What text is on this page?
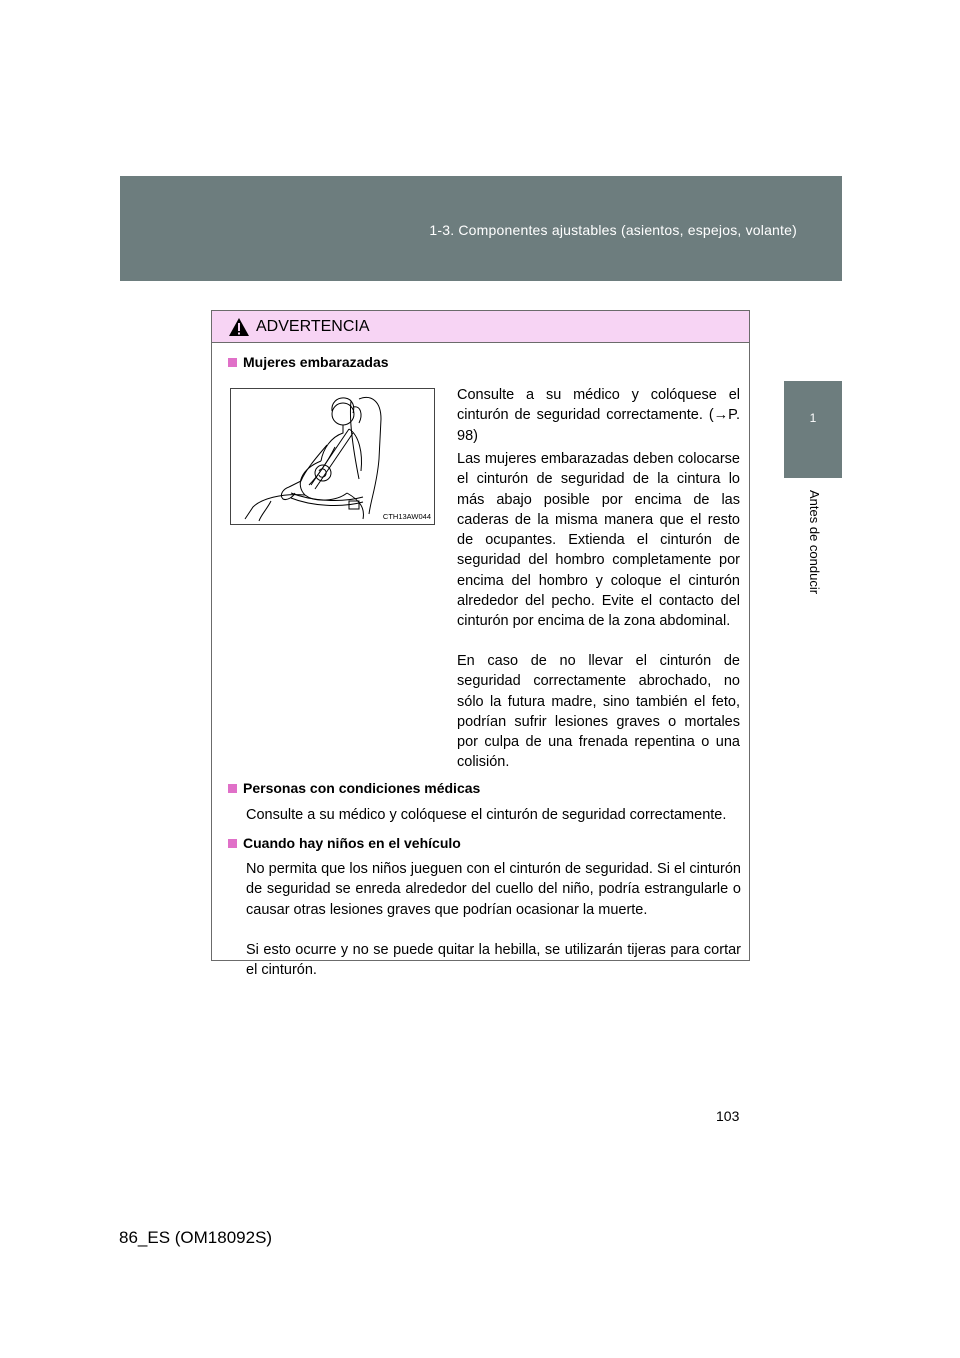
1-3. Componentes ajustables (asientos, espejos, volante)
1
Antes de conducir
ADVERTENCIA
Mujeres embarazadas
CTH13AW044
Consulte a su médico y colóquese el cinturón de seguridad correctamente. (→P. 98)
Las mujeres embarazadas deben colocarse el cinturón de seguridad de la cintura lo más abajo posible por encima de las caderas de la misma manera que el resto de ocupantes. Extienda el cinturón de seguridad del hombro completamente por encima del hombro y coloque el cinturón alrededor del pecho. Evite el contacto del cinturón por encima de la zona abdominal.
En caso de no llevar el cinturón de seguridad correctamente abrochado, no sólo la futura madre, sino también el feto, podrían sufrir lesiones graves o mortales por culpa de una frenada repentina o una colisión.
Personas con condiciones médicas
Consulte a su médico y colóquese el cinturón de seguridad correctamente.
Cuando hay niños en el vehículo
No permita que los niños jueguen con el cinturón de seguridad. Si el cinturón de seguridad se enreda alrededor del cuello del niño, podría estrangularle o causar otras lesiones graves que podrían ocasionar la muerte.
Si esto ocurre y no se puede quitar la hebilla, se utilizarán tijeras para cortar el cinturón.
103
86_ES (OM18092S)
